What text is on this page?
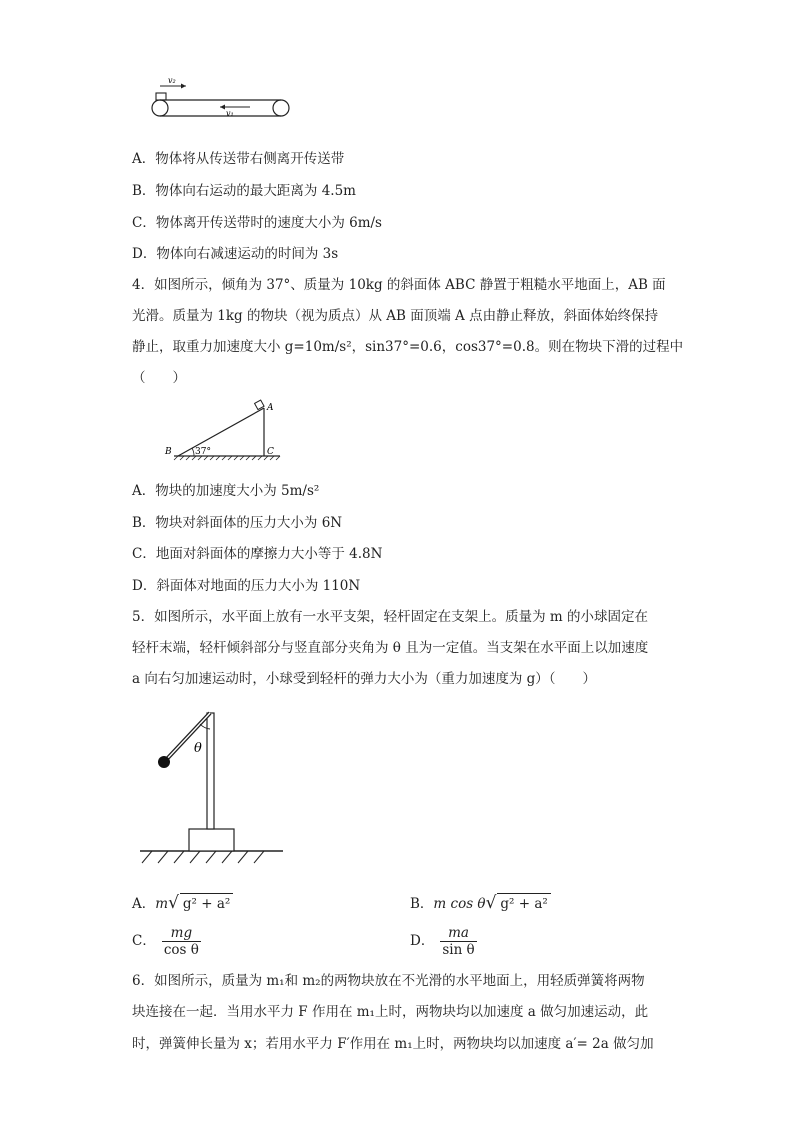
v₂
v₁
A．物体将从传送带右侧离开传送带
B．物体向右运动的最大距离为 4.5m
C．物体离开传送带时的速度大小为 6m/s
D．物体向右减速运动的时间为 3s
4．如图所示，倾角为 37°、质量为 10kg 的斜面体 ABC 静置于粗糙水平地面上，AB 面
光滑。质量为 1kg 的物块（视为质点）从 AB 面顶端 A 点由静止释放，斜面体始终保持
静止，取重力加速度大小 g=10m/s²，sin37°=0.6，cos37°=0.8。则在物块下滑的过程中
（　　）
A
B	C
37°
A．物块的加速度大小为 5m/s²
B．物块对斜面体的压力大小为 6N
C．地面对斜面体的摩擦力大小等于 4.8N
D．斜面体对地面的压力大小为 110N
5．如图所示，水平面上放有一水平支架，轻杆固定在支架上。质量为 m 的小球固定在
轻杆末端，轻杆倾斜部分与竖直部分夹角为 θ 且为一定值。当支架在水平面上以加速度
a 向右匀加速运动时，小球受到轻杆的弹力大小为（重力加速度为 g）（　　）
θ
A．m√ g² + a²	B．m cos θ√ g² + a²
C． $\frac{mg}{\text{cos θ}}$	D． $\frac{ma}{\text{sin θ}}$
6．如图所示，质量为 m₁和 m₂的两物块放在不光滑的水平地面上，用轻质弹簧将两物
块连接在一起．当用水平力 F 作用在 m₁上时，两物块均以加速度 a 做匀加速运动，此
时，弹簧伸长量为 x；若用水平力 F′作用在 m₁上时，两物块均以加速度 a′= 2a 做匀加
